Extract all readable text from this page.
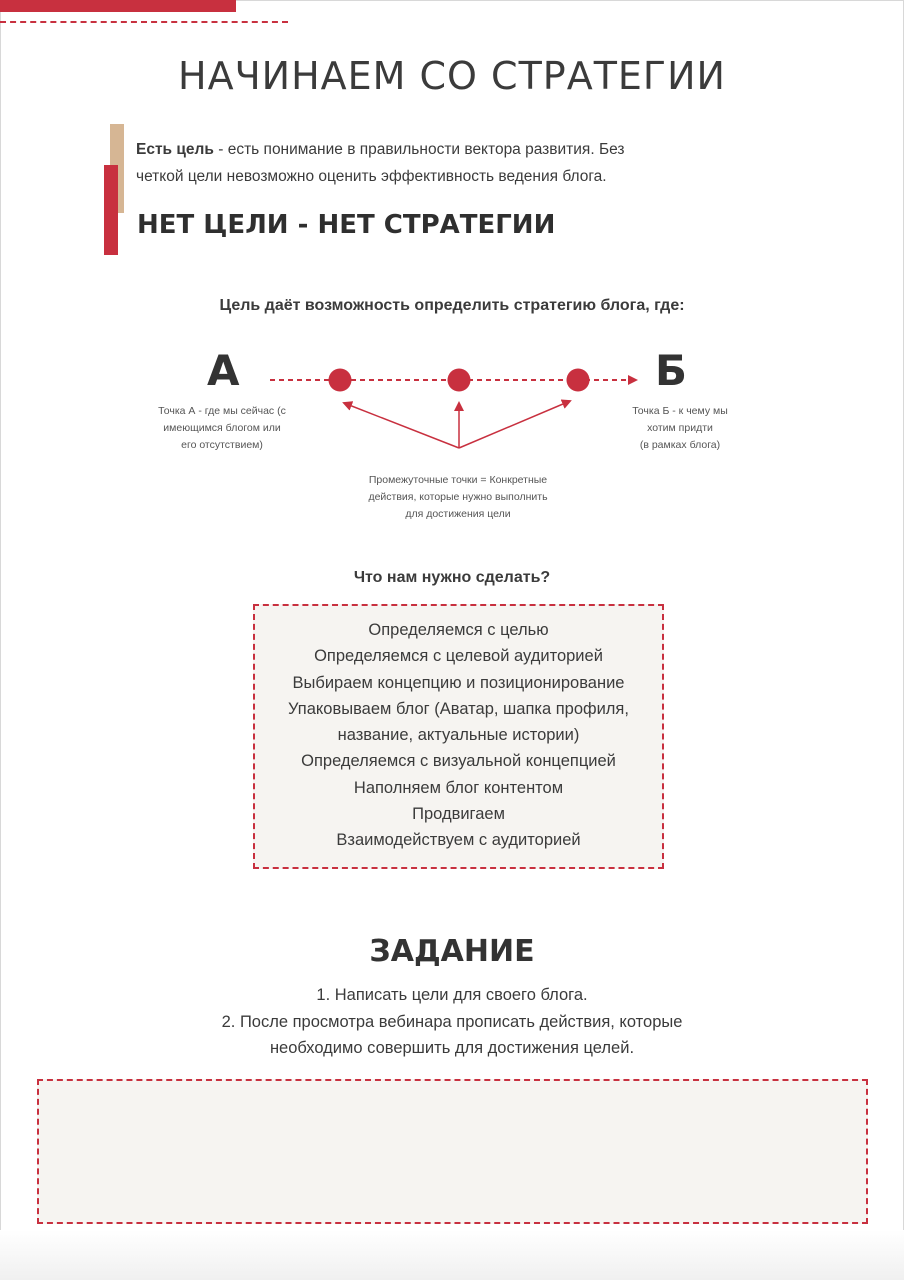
НАЧИНАЕМ СО СТРАТЕГИИ
Есть цель - есть понимание в правильности вектора развития. Без
четкой цели невозможно оценить эффективность ведения блога.
НЕТ ЦЕЛИ - НЕТ СТРАТЕГИИ
Цель даёт возможность определить стратегию блога, где:
А	Б
Точка А - где мы сейчас (с
имеющимся блогом или
его отсутствием)
Точка Б - к чему мы
хотим придти
(в рамках блога)
Промежуточные точки = Конкретные
действия, которые нужно выполнить
для достижения цели
Что нам нужно сделать?
Определяемся с целью
Определяемся с целевой аудиторией
Выбираем концепцию и позиционирование
Упаковываем блог (Аватар, шапка профиля,
название, актуальные истории)
Определяемся с визуальной концепцией
Наполняем блог контентом
Продвигаем
Взаимодействуем с аудиторией
ЗАДАНИЕ
1. Написать цели для своего блога.
2. После просмотра вебинара прописать действия, которые
необходимо совершить для достижения целей.
